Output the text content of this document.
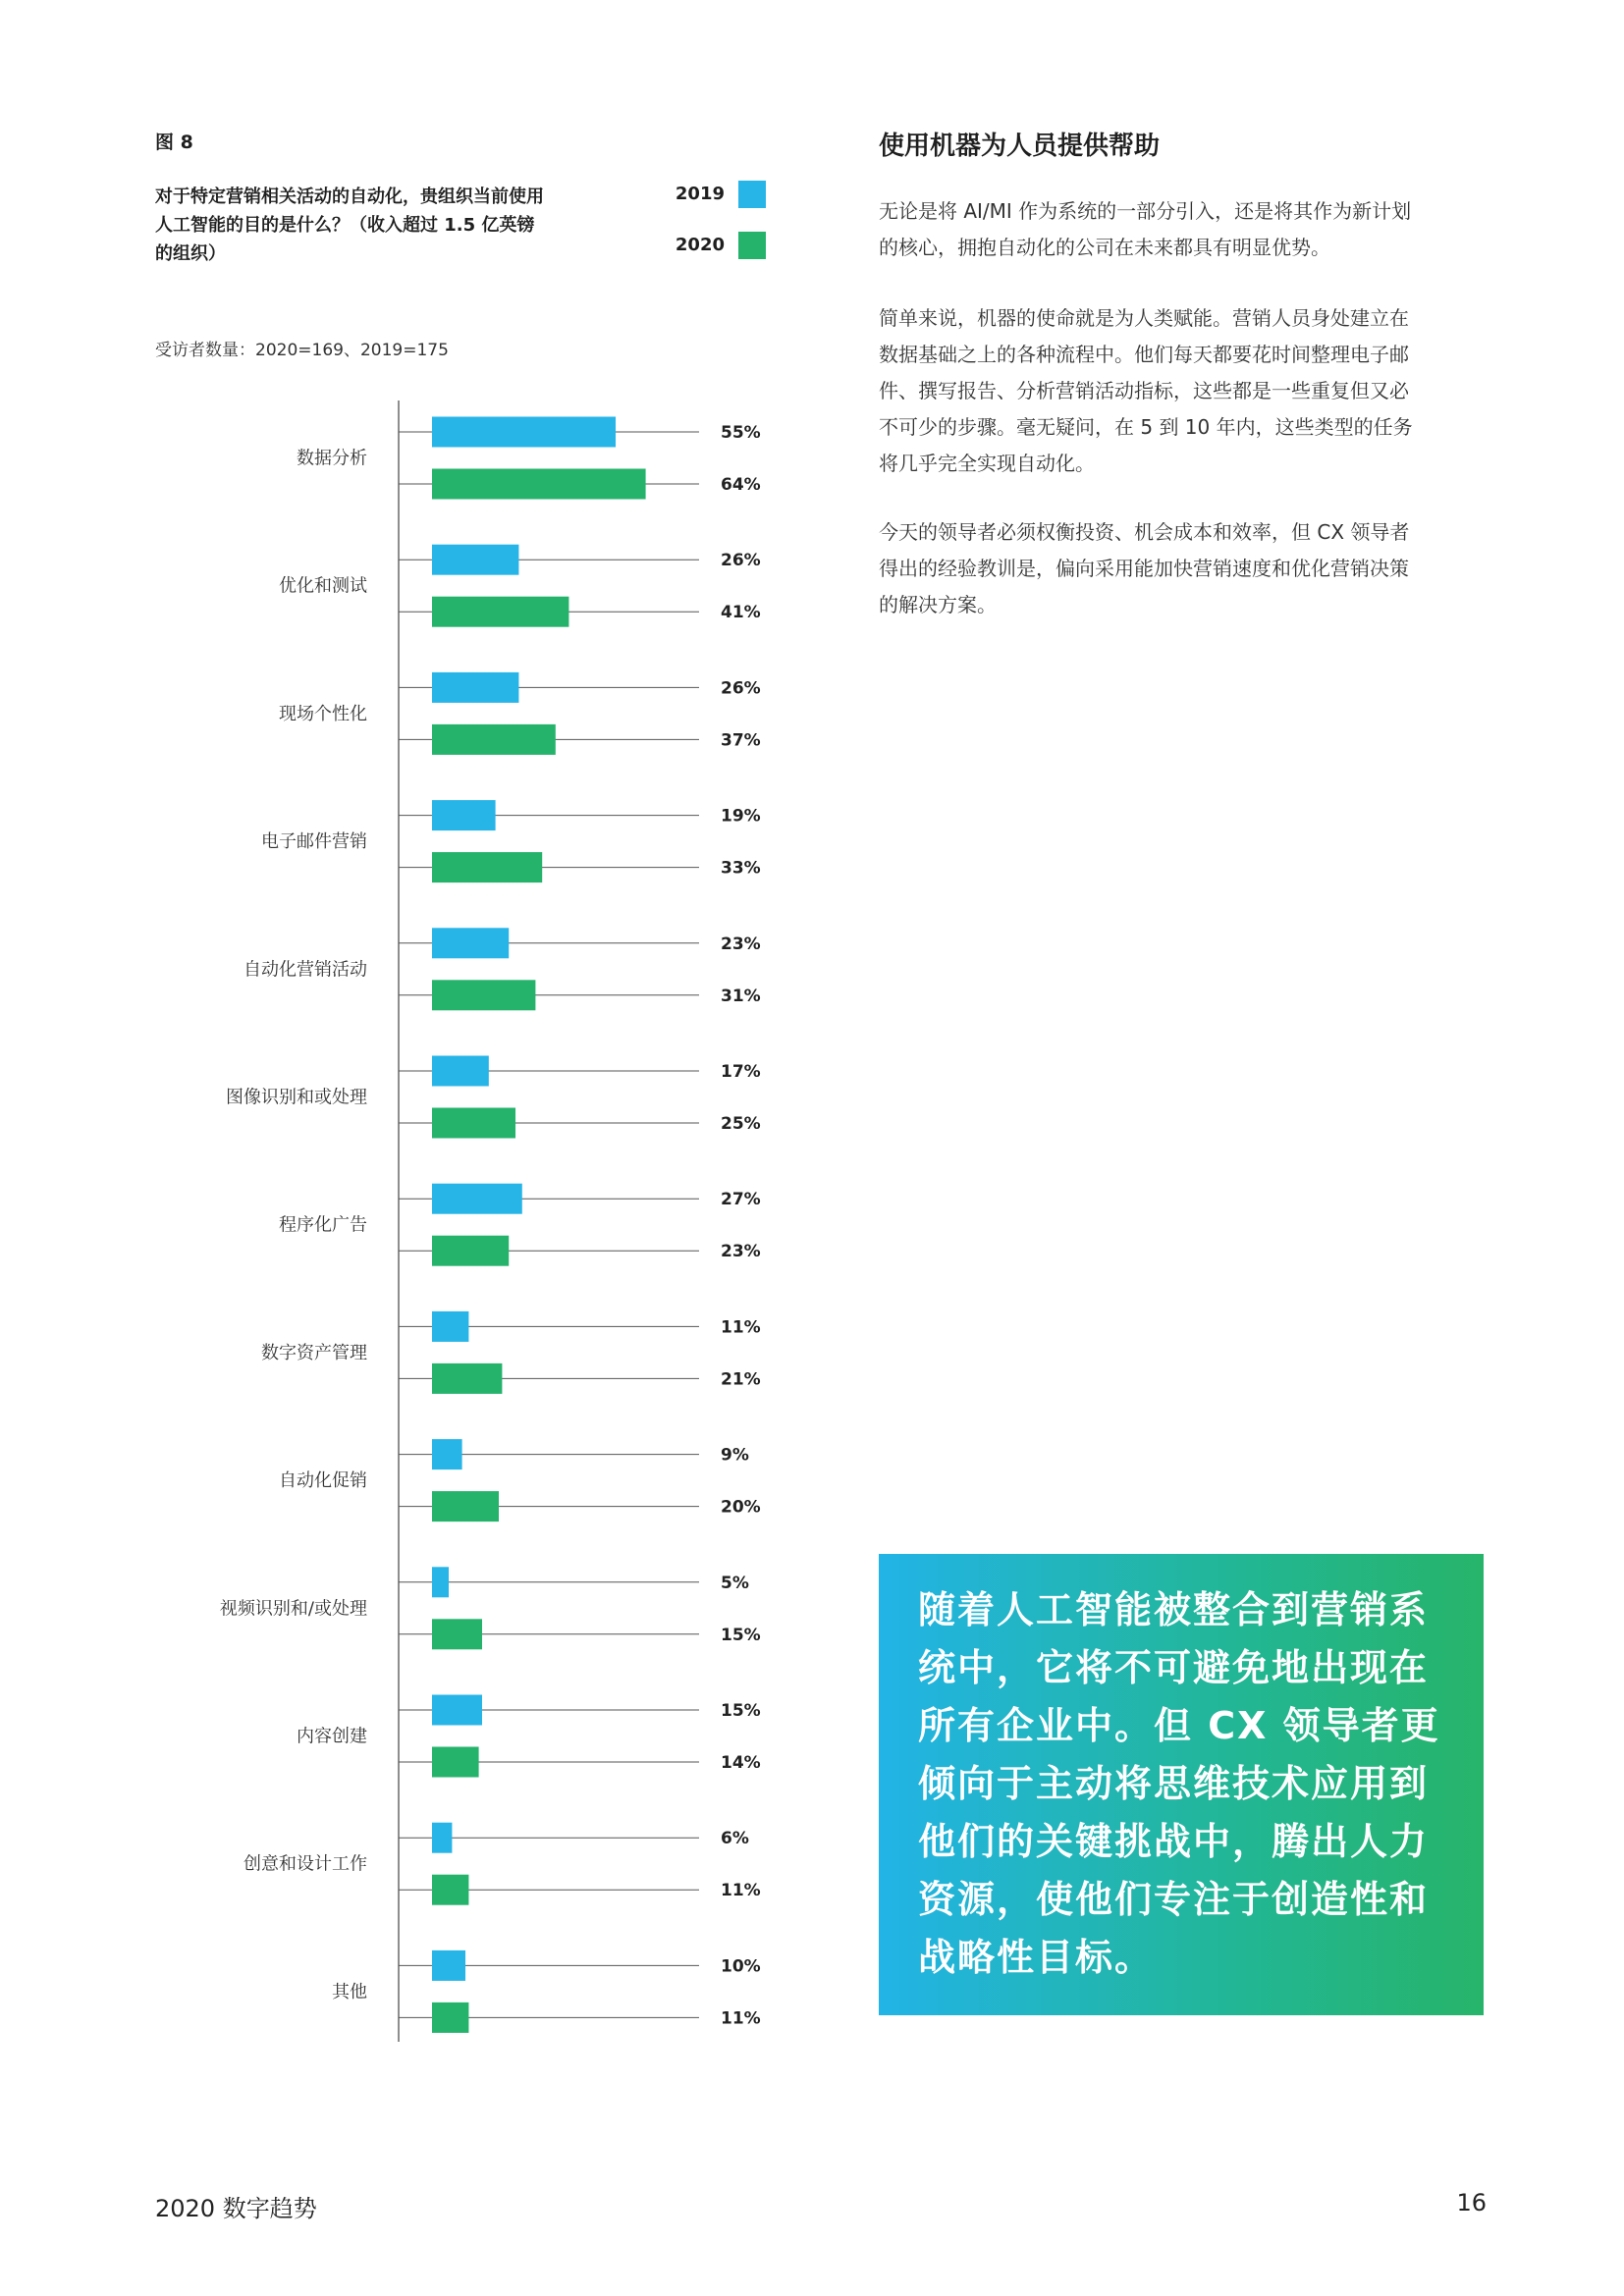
图 8
对于特定营销相关活动的自动化，贵组织当前使用人工智能的目的是什么？（收入超过 1.5 亿英镑的组织）
2019
2020
受访者数量：2020=169、2019=175
数据分析
55%
64%
优化和测试
26%
41%
现场个性化
26%
37%
电子邮件营销
19%
33%
自动化营销活动
23%
31%
图像识别和或处理
17%
25%
程序化广告
27%
23%
数字资产管理
11%
21%
自动化促销
9%
20%
视频识别和/或处理
5%
15%
内容创建
15%
14%
创意和设计工作
6%
11%
其他
10%
11%
使用机器为人员提供帮助
无论是将 AI/MI 作为系统的一部分引入，还是将其作为新计划
的核心，拥抱自动化的公司在未来都具有明显优势。
简单来说，机器的使命就是为人类赋能。营销人员身处建立在
数据基础之上的各种流程中。他们每天都要花时间整理电子邮
件、撰写报告、分析营销活动指标，这些都是一些重复但又必
不可少的步骤。毫无疑问，在 5 到 10 年内，这些类型的任务
将几乎完全实现自动化。
今天的领导者必须权衡投资、机会成本和效率，但 CX 领导者
得出的经验教训是，偏向采用能加快营销速度和优化营销决策
的解决方案。
随着人工智能被整合到营销系
统中，它将不可避免地出现在
所有企业中。但 CX 领导者更
倾向于主动将思维技术应用到
他们的关键挑战中，腾出人力
资源，使他们专注于创造性和
战略性目标。
2020 数字趋势	16
